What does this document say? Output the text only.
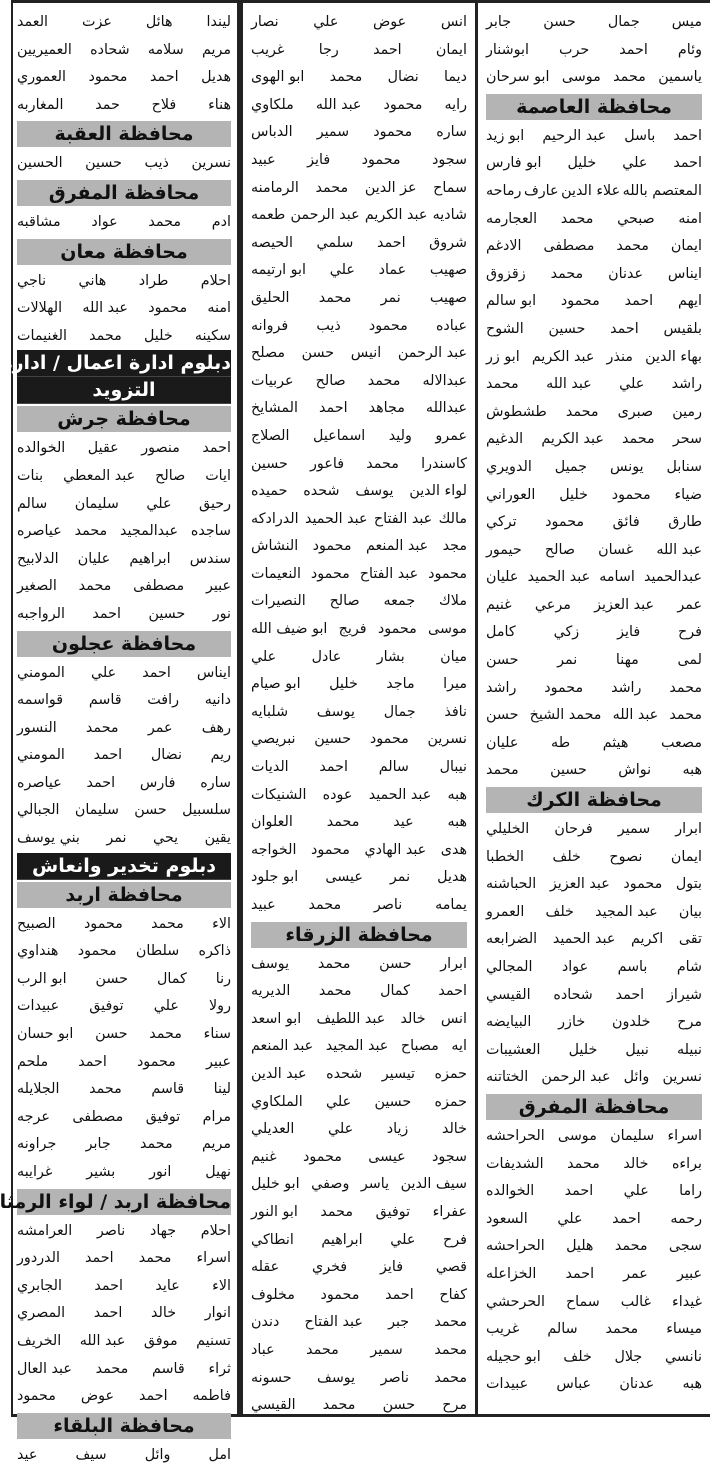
ليندا
هائل
عزت
العمد
مريم
سلامه
شحاده
العميريين
هديل
احمد
محمود
العموري
هناء
فلاح
حمد
المغاربه
محافظة العقبة
نسرين
ذيب
حسين
الحسين
محافظة المفرق
ادم
محمد
عواد
مشاقبه
محافظة معان
احلام
طراد
هاني
ناجي
امنه
محمود
عبد الله
الهلالات
سكينه
خليل
محمد
الغنيمات
دبلوم ادارة اعمال / ادارة
التزويد
محافظة جرش
احمد
منصور
عقيل
الخوالده
ايات
صالح
عبد المعطي
بنات
رحيق
علي
سليمان
سالم
ساجده
عبدالمجيد
محمد
عياصره
سندس
ابراهيم
عليان
الدلابيح
عبير
مصطفى
محمد
الصغير
نور
حسين
احمد
الرواجبه
محافظة عجلون
ايناس
احمد
علي
المومني
دانيه
رافت
قاسم
قواسمه
رهف
عمر
محمد
النسور
ريم
نضال
احمد
المومني
ساره
فارس
احمد
عياصره
سلسبيل
حسن
سليمان
الجبالي
يقين
يحي
نمر
بني يوسف
دبلوم تخدير وانعاش
محافظة اربد
الاء
محمد
محمود
الصبيح
ذاكره
سلطان
محمود
هنداوي
رنا
كمال
حسن
ابو الرب
رولا
علي
توفيق
عبيدات
سناء
محمد
حسن
ابو حسان
عبير
محمود
احمد
ملحم
لينا
قاسم
محمد
الجلايله
مرام
توفيق
مصطفى
عرجه
مريم
محمد
جابر
جراونه
نهيل
انور
بشير
غرايبه
محافظة اربد / لواء الرمثا
احلام
جهاد
ناصر
العرامشه
اسراء
محمد
احمد
الدردور
الاء
عايد
احمد
الجابري
انوار
خالد
احمد
المصري
تسنيم
موفق
عبد الله
الخريف
ثراء
قاسم
محمد
عبد العال
فاطمه
احمد
عوض
محمود
محافظة البلقاء
امل
وائل
سيف
عيد
انس
عوض
علي
نصار
ايمان
احمد
رجا
غريب
ديما
نضال
محمد
ابو الهوى
رايه
محمود
عبد الله
ملكاوي
ساره
محمود
سمير
الدباس
سجود
محمود
فايز
عبيد
سماح
عز الدين
محمد
الرمامنه
شاديه
عبد الكريم
عبد الرحمن
طعمه
شروق
احمد
سلمي
الحيصه
صهيب
عماد
علي
ابو ارتيمه
صهيب
نمر
محمد
الحليق
عباده
محمود
ذيب
فروانه
عبد الرحمن
انيس
حسن
مصلح
عبدالاله
محمد
صالح
عربيات
عبدالله
مجاهد
احمد
المشايخ
عمرو
وليد
اسماعيل
الصلاج
كاسندرا
محمد
فاعور
حسين
لواء الدين
يوسف
شحده
حميده
مالك
عبد الفتاح
عبد الحميد
الدرادكه
مجد
عبد المنعم
محمود
النشاش
محمود
عبد الفتاح
محمود
النعيمات
ملاك
جمعه
صالح
النصيرات
موسى
محمود
فريج
ابو ضيف الله
ميان
بشار
عادل
علي
ميرا
ماجد
خليل
ابو صيام
نافذ
جمال
يوسف
شلبايه
نسرين
محمود
حسين
نبريصي
نيبال
سالم
احمد
الديات
هبه
عبد الحميد
عوده
الشنيكات
هبه
عيد
محمد
العلوان
هدى
عبد الهادي
محمود
الخواجه
هديل
نمر
عيسى
ابو جلود
يمامه
ناصر
محمد
عبيد
محافظة الزرقاء
ابرار
حسن
محمد
يوسف
احمد
كمال
محمد
الديريه
انس
خالد
عبد اللطيف
ابو اسعد
ايه
مصباح
عبد المجيد
عبد المنعم
حمزه
تيسير
شحده
عبد الدين
حمزه
حسين
علي
الملكاوي
خالد
زياد
علي
العديلي
سجود
عيسى
محمود
غنيم
سيف الدين
ياسر
وصفي
ابو خليل
عفراء
توفيق
محمد
ابو النور
فرح
علي
ابراهيم
انطاكي
قصي
فايز
فخري
عقله
كفاح
احمد
محمود
مخلوف
محمد
جبر
عبد الفتاح
دندن
محمد
سمير
محمد
عباد
محمد
ناصر
يوسف
حسونه
مرح
حسن
محمد
القيسي
ميس
جمال
حسن
جابر
وئام
احمد
حرب
ابوشنار
ياسمين
محمد
موسى
ابو سرحان
محافظة العاصمة
احمد
باسل
عبد الرحيم
ابو زيد
احمد
علي
خليل
ابو فارس
المعتصم بالله
علاء الدين
عارف
رماحه
امنه
صبحي
محمد
العجارمه
ايمان
محمد
مصطفى
الادغم
ايناس
عدنان
محمد
زقزوق
ايهم
احمد
محمود
ابو سالم
بلقيس
احمد
حسين
الشوح
بهاء الدين
منذر
عبد الكريم
ابو زر
راشد
علي
عبد الله
محمد
رمين
صبرى
محمد
طشطوش
سحر
محمد
عبد الكريم
الدغيم
سنابل
يونس
جميل
الدويري
ضياء
محمود
خليل
العوراني
طارق
فائق
محمود
تركي
عبد الله
غسان
صالح
حيمور
عبدالحميد
اسامه
عبد الحميد
عليان
عمر
عبد العزيز
مرعي
غنيم
فرح
فايز
زكي
كامل
لمى
مهنا
نمر
حسن
محمد
راشد
محمود
راشد
محمد
عبد الله
محمد الشيخ
حسن
مصعب
هيثم
طه
عليان
هبه
نواش
حسين
محمد
محافظة الكرك
ابرار
سمير
فرحان
الخليلي
ايمان
نصوح
خلف
الخطبا
بتول
محمود
عبد العزيز
الحباشنه
بيان
عبد المجيد
خلف
العمرو
تقى
اكريم
عبد الحميد
الضرابعه
شام
باسم
عواد
المجالي
شيراز
احمد
شحاده
القيسي
مرح
خلدون
خازر
البيايضه
نبيله
نبيل
خليل
العشيبات
نسرين
وائل
عبد الرحمن
الختاتنه
محافظة المفرق
اسراء
سليمان
موسى
الحراحشه
براءه
خالد
محمد
الشديفات
راما
علي
احمد
الخوالده
رحمه
احمد
علي
السعود
سجى
محمد
هليل
الحراحشه
عبير
عمر
احمد
الخزاعله
غيداء
غالب
سماح
الحرحشي
ميساء
محمد
سالم
غريب
نانسي
جلال
خلف
ابو حجيله
هبه
عدنان
عباس
عبيدات
